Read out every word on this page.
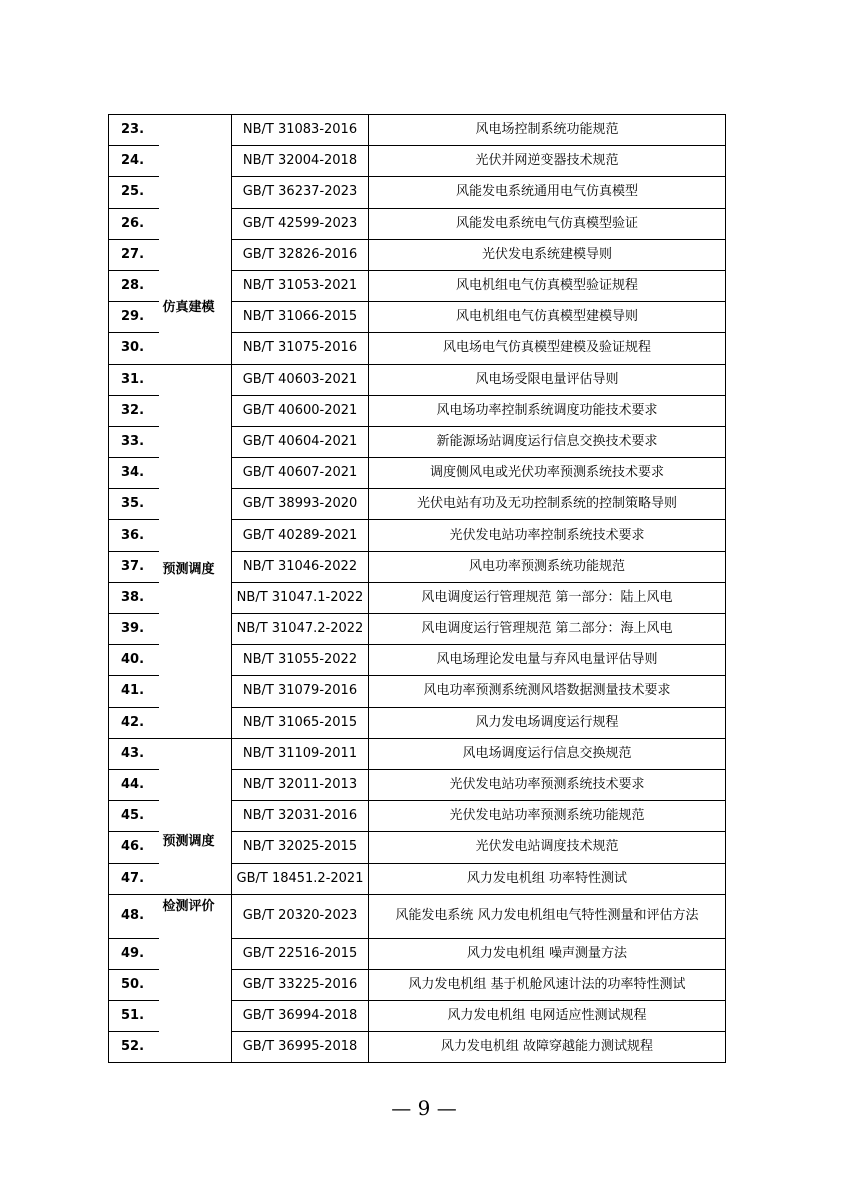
23.	仿真建模	NB/T 31083-2016	风电场控制系统功能规范
24.		NB/T 32004-2018	光伏并网逆变器技术规范
25.		GB/T 36237-2023	风能发电系统通用电气仿真模型
26.		GB/T 42599-2023	风能发电系统电气仿真模型验证
27.		GB/T 32826-2016	光伏发电系统建模导则
28.		NB/T 31053-2021	风电机组电气仿真模型验证规程
29.		NB/T 31066-2015	风电机组电气仿真模型建模导则
30.		NB/T 31075-2016	风电场电气仿真模型建模及验证规程
31.	预测调度	GB/T 40603-2021	风电场受限电量评估导则
32.		GB/T 40600-2021	风电场功率控制系统调度功能技术要求
33.		GB/T 40604-2021	新能源场站调度运行信息交换技术要求
34.		GB/T 40607-2021	调度侧风电或光伏功率预测系统技术要求
35.		GB/T 38993-2020	光伏电站有功及无功控制系统的控制策略导则
36.		GB/T 40289-2021	光伏发电站功率控制系统技术要求
37.		NB/T 31046-2022	风电功率预测系统功能规范
38.		NB/T 31047.1-2022	风电调度运行管理规范 第一部分：陆上风电
39.		NB/T 31047.2-2022	风电调度运行管理规范 第二部分：海上风电
40.		NB/T 31055-2022	风电场理论发电量与弃风电量评估导则
41.		NB/T 31079-2016	风电功率预测系统测风塔数据测量技术要求
42.		NB/T 31065-2015	风力发电场调度运行规程
43.	预测调度	NB/T 31109-2011	风电场调度运行信息交换规范
44.		NB/T 32011-2013	光伏发电站功率预测系统技术要求
45.		NB/T 32031-2016	光伏发电站功率预测系统功能规范
46.		NB/T 32025-2015	光伏发电站调度技术规范
47.		GB/T 18451.2-2021	风力发电机组 功率特性测试
48.	检测评价	GB/T 20320-2023	风能发电系统 风力发电机组电气特性测量和评估方法
49.		GB/T 22516-2015	风力发电机组 噪声测量方法
50.		GB/T 33225-2016	风力发电机组 基于机舱风速计法的功率特性测试
51.		GB/T 36994-2018	风力发电机组 电网适应性测试规程
52.		GB/T 36995-2018	风力发电机组 故障穿越能力测试规程
— 9 —
